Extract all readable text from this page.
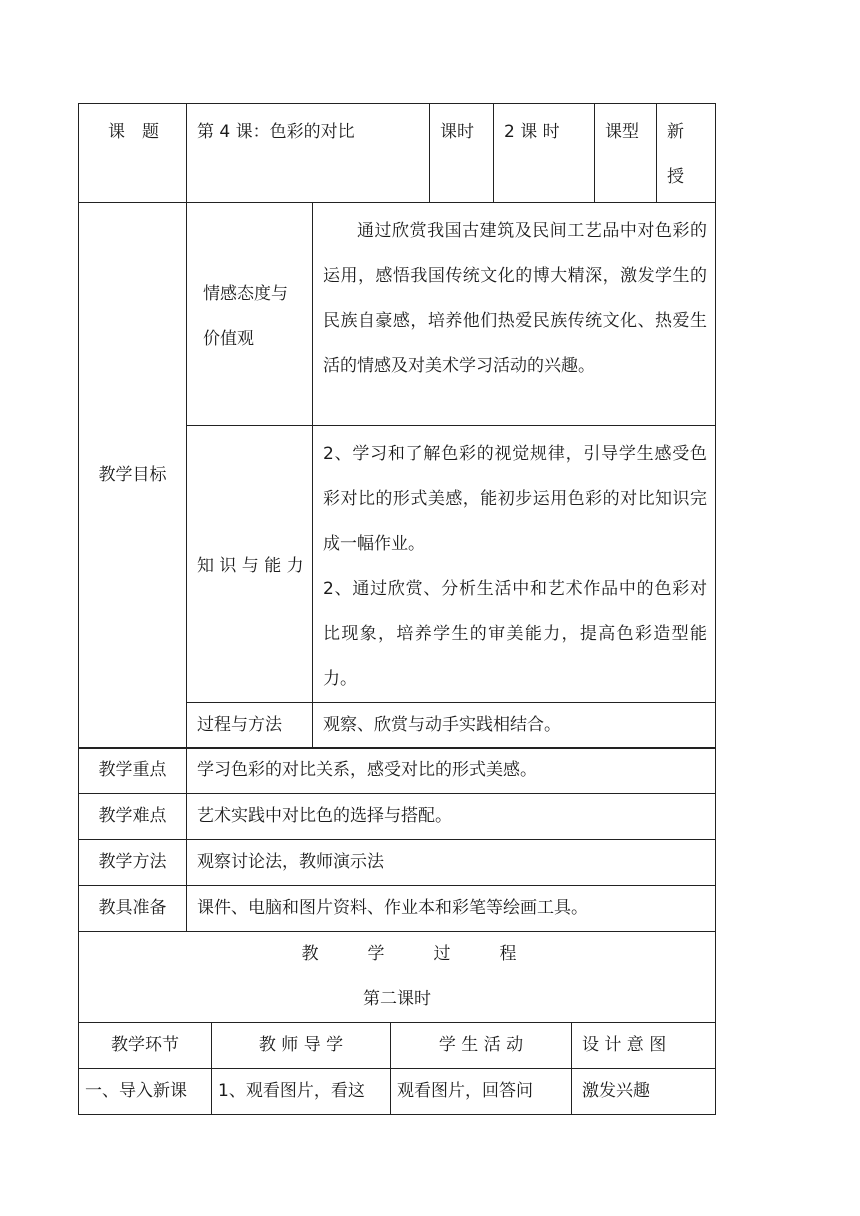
课　题	第 4 课：色彩的对比	课时	2 课 时	课型	新授
教学目标	情感态度与价值观	通过欣赏我国古建筑及民间工艺品中对色彩的运用，感悟我国传统文化的博大精深，激发学生的民族自豪感，培养他们热爱民族传统文化、热爱生活的情感及对美术学习活动的兴趣。
	知 识 与 能 力	2、学习和了解色彩的视觉规律，引导学生感受色彩对比的形式美感，能初步运用色彩的对比知识完成一幅作业。
2、通过欣赏、分析生活中和艺术作品中的色彩对比现象，培养学生的审美能力，提高色彩造型能力。

	过程与方法	观察、欣赏与动手实践相结合。
教学重点	学习色彩的对比关系，感受对比的形式美感。
教学难点	艺术实践中对比色的选择与搭配。
教学方法	观察讨论法，教师演示法
教具准备	课件、电脑和图片资料、作业本和彩笔等绘画工具。

教　学　过　程
第二课时	
教学环节	教 师 导 学	学 生 活 动	设 计 意 图
一、导入新课	1、观看图片，看这	观看图片，回答问	激发兴趣
